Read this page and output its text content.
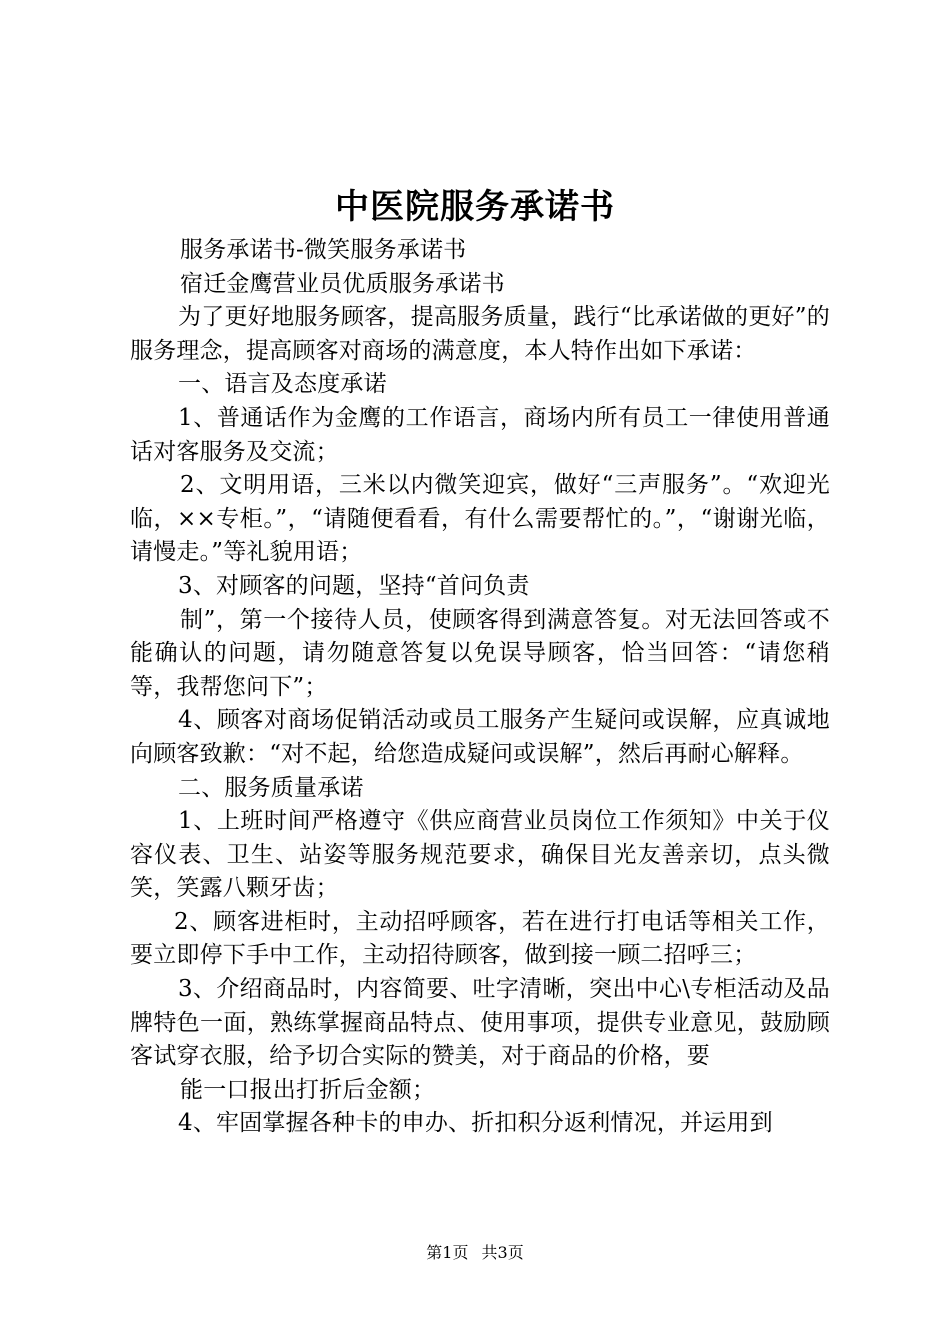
中医院服务承诺书

服务承诺书-微笑服务承诺书

宿迁金鹰营业员优质服务承诺书

为了更好地服务顾客，提高服务质量，践行“比承诺做的更好”的服务理念，提高顾客对商场的满意度，本人特作出如下承诺：

一、语言及态度承诺

1、普通话作为金鹰的工作语言，商场内所有员工一律使用普通话对客服务及交流；

2、文明用语，三米以内微笑迎宾，做好“三声服务”。“欢迎光临，××专柜。”，“请随便看看，有什么需要帮忙的。”，“谢谢光临，请慢走。”等礼貌用语；

3、对顾客的问题，坚持“首问负责

制”，第一个接待人员，使顾客得到满意答复。对无法回答或不能确认的问题，请勿随意答复以免误导顾客，恰当回答：“请您稍等，我帮您问下”；

4、顾客对商场促销活动或员工服务产生疑问或误解，应真诚地向顾客致歉：“对不起，给您造成疑问或误解”，然后再耐心解释。

二、服务质量承诺

1、上班时间严格遵守《供应商营业员岗位工作须知》中关于仪容仪表、卫生、站姿等服务规范要求，确保目光友善亲切，点头微笑，笑露八颗牙齿；

2、顾客进柜时，主动招呼顾客，若在进行打电话等相关工作，要立即停下手中工作，主动招待顾客，做到接一顾二招呼三；

3、介绍商品时，内容简要、吐字清晰，突出中心\专柜活动及品牌特色一面，熟练掌握商品特点、使用事项，提供专业意见，鼓励顾客试穿衣服，给予切合实际的赞美，对于商品的价格，要

能一口报出打折后金额；

4、牢固掌握各种卡的申办、折扣积分返利情况，并运用到

第1页 共3页
